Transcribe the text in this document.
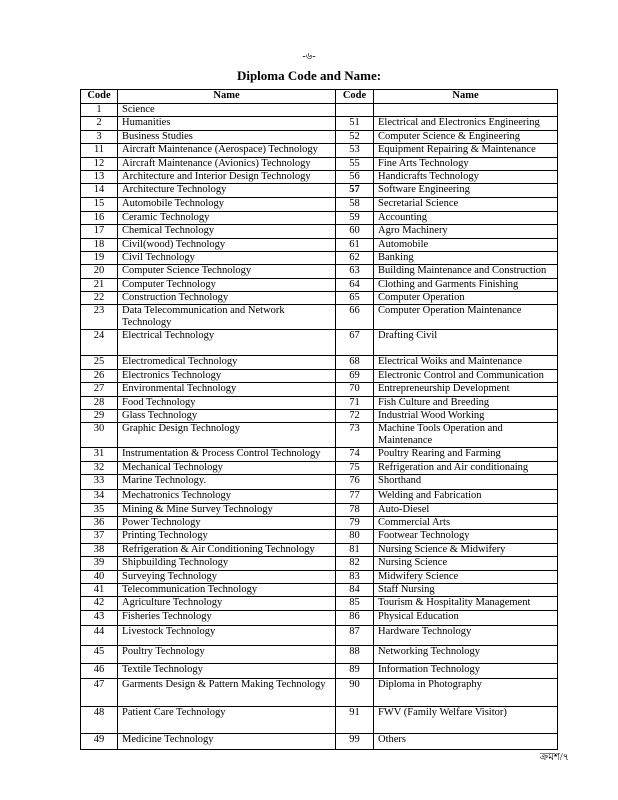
-৬-
Diploma Code and Name:
Code	Name	Code	Name
1	Science		
2	Humanities	51	Electrical and Electronics Engineering
3	Business Studies	52	Computer Science & Engineering
11	Aircraft Maintenance (Aerospace) Technology	53	Equipment Repairing & Maintenance
12	Aircraft Maintenance (Avionics) Technology	55	Fine Arts Technology
13	Architecture and Interior Design Technology	56	Handicrafts Technology
14	Architecture Technology	57	Software Engineering
15	Automobile Technology	58	Secretarial Science
16	Ceramic Technology	59	Accounting
17	Chemical Technology	60	Agro Machinery
18	Civil(wood) Technology	61	Automobile
19	Civil Technology	62	Banking
20	Computer Science Technology	63	Building Maintenance and Construction
21	Computer Technology	64	Clothing and Garments Finishing
22	Construction Technology	65	Computer Operation
23	Data Telecommunication and Network Technology	66	Computer Operation Maintenance
24	Electrical Technology	67	Drafting Civil
25	Electromedical Technology	68	Electrical Woiks and Maintenance
26	Electronics Technology	69	Electronic Control and Communication
27	Environmental Technology	70	Entrepreneurship Development
28	Food Technology	71	Fish Culture and Breeding
29	Glass Technology	72	Industrial Wood Working
30	Graphic Design Technology	73	Machine Tools Operation and Maintenance
31	Instrumentation & Process Control Technology	74	Poultry Rearing and Farming
32	Mechanical Technology	75	Refrigeration and Air conditionaing
33	Marine Technology.	76	Shorthand
34	Mechatronics Technology	77	Welding and Fabrication
35	Mining & Mine Survey Technology	78	Auto-Diesel
36	Power Technology	79	Commercial Arts
37	Printing Technology	80	Footwear Technology
38	Refrigeration & Air Conditioning Technology	81	Nursing Science & Midwifery
39	Shipbuilding Technology	82	Nursing Science
40	Surveying Technology	83	Midwifery Science
41	Telecommunication Technology	84	Staff Nursing
42	Agriculture Technology	85	Tourism & Hospitality Management
43	Fisheries Technology	86	Physical Education
44	Livestock Technology	87	Hardware Technology
45	Poultry Technology	88	Networking Technology
46	Textile Technology	89	Information Technology
47	Garments Design & Pattern Making Technology	90	Diploma in Photography
48	Patient Care Technology	91	FWV (Family Welfare Visitor)
49	Medicine Technology	99	Others
ক্রমশ/৭
